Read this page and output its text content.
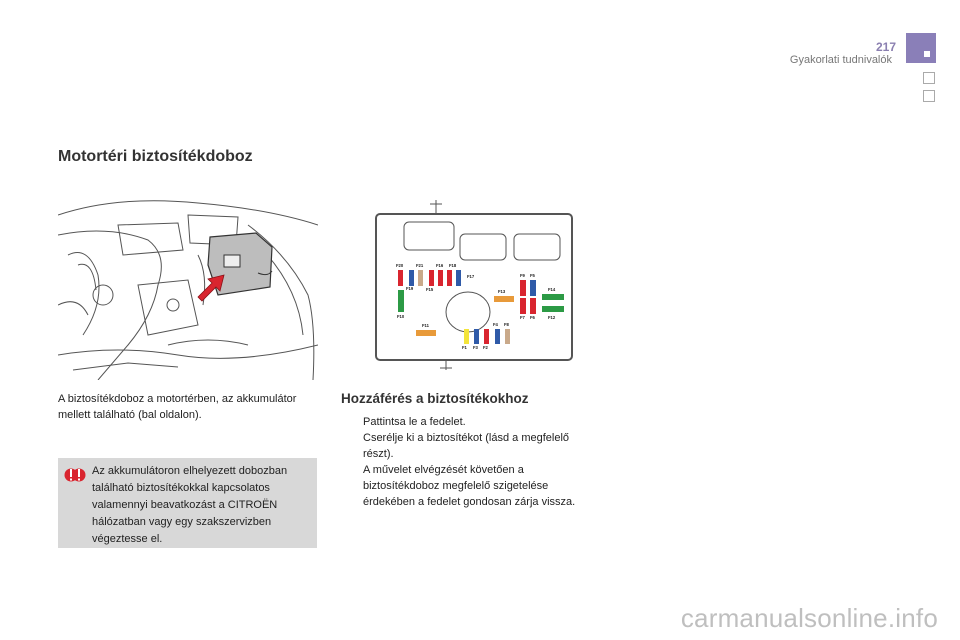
217
Gyakorlati tudnivalók
Motortéri biztosítékdoboz
A biztosítékdoboz a motortérben, az akkumulátor mellett található (bal oldalon).
Az akkumulátoron elhelyezett dobozban található biztosítékokkal kapcsolatos valamennyi beavatkozást a CITROËN hálózatban vagy egy szakszervizben végeztesse el.
F20	F21	F16 F18
F17
F19	F15	F13
F9 F5
F14
F10
F11
F7 F6	F12
F4 F8
F1 F3 F2
Hozzáférés a biztosítékokhoz
Pattintsa le a fedelet.
Cserélje ki a biztosítékot (lásd a megfelelő részt).
A művelet elvégzését követően a biztosítékdoboz megfelelő szigetelése érdekében a fedelet gondosan zárja vissza.
carmanualsonline.info
